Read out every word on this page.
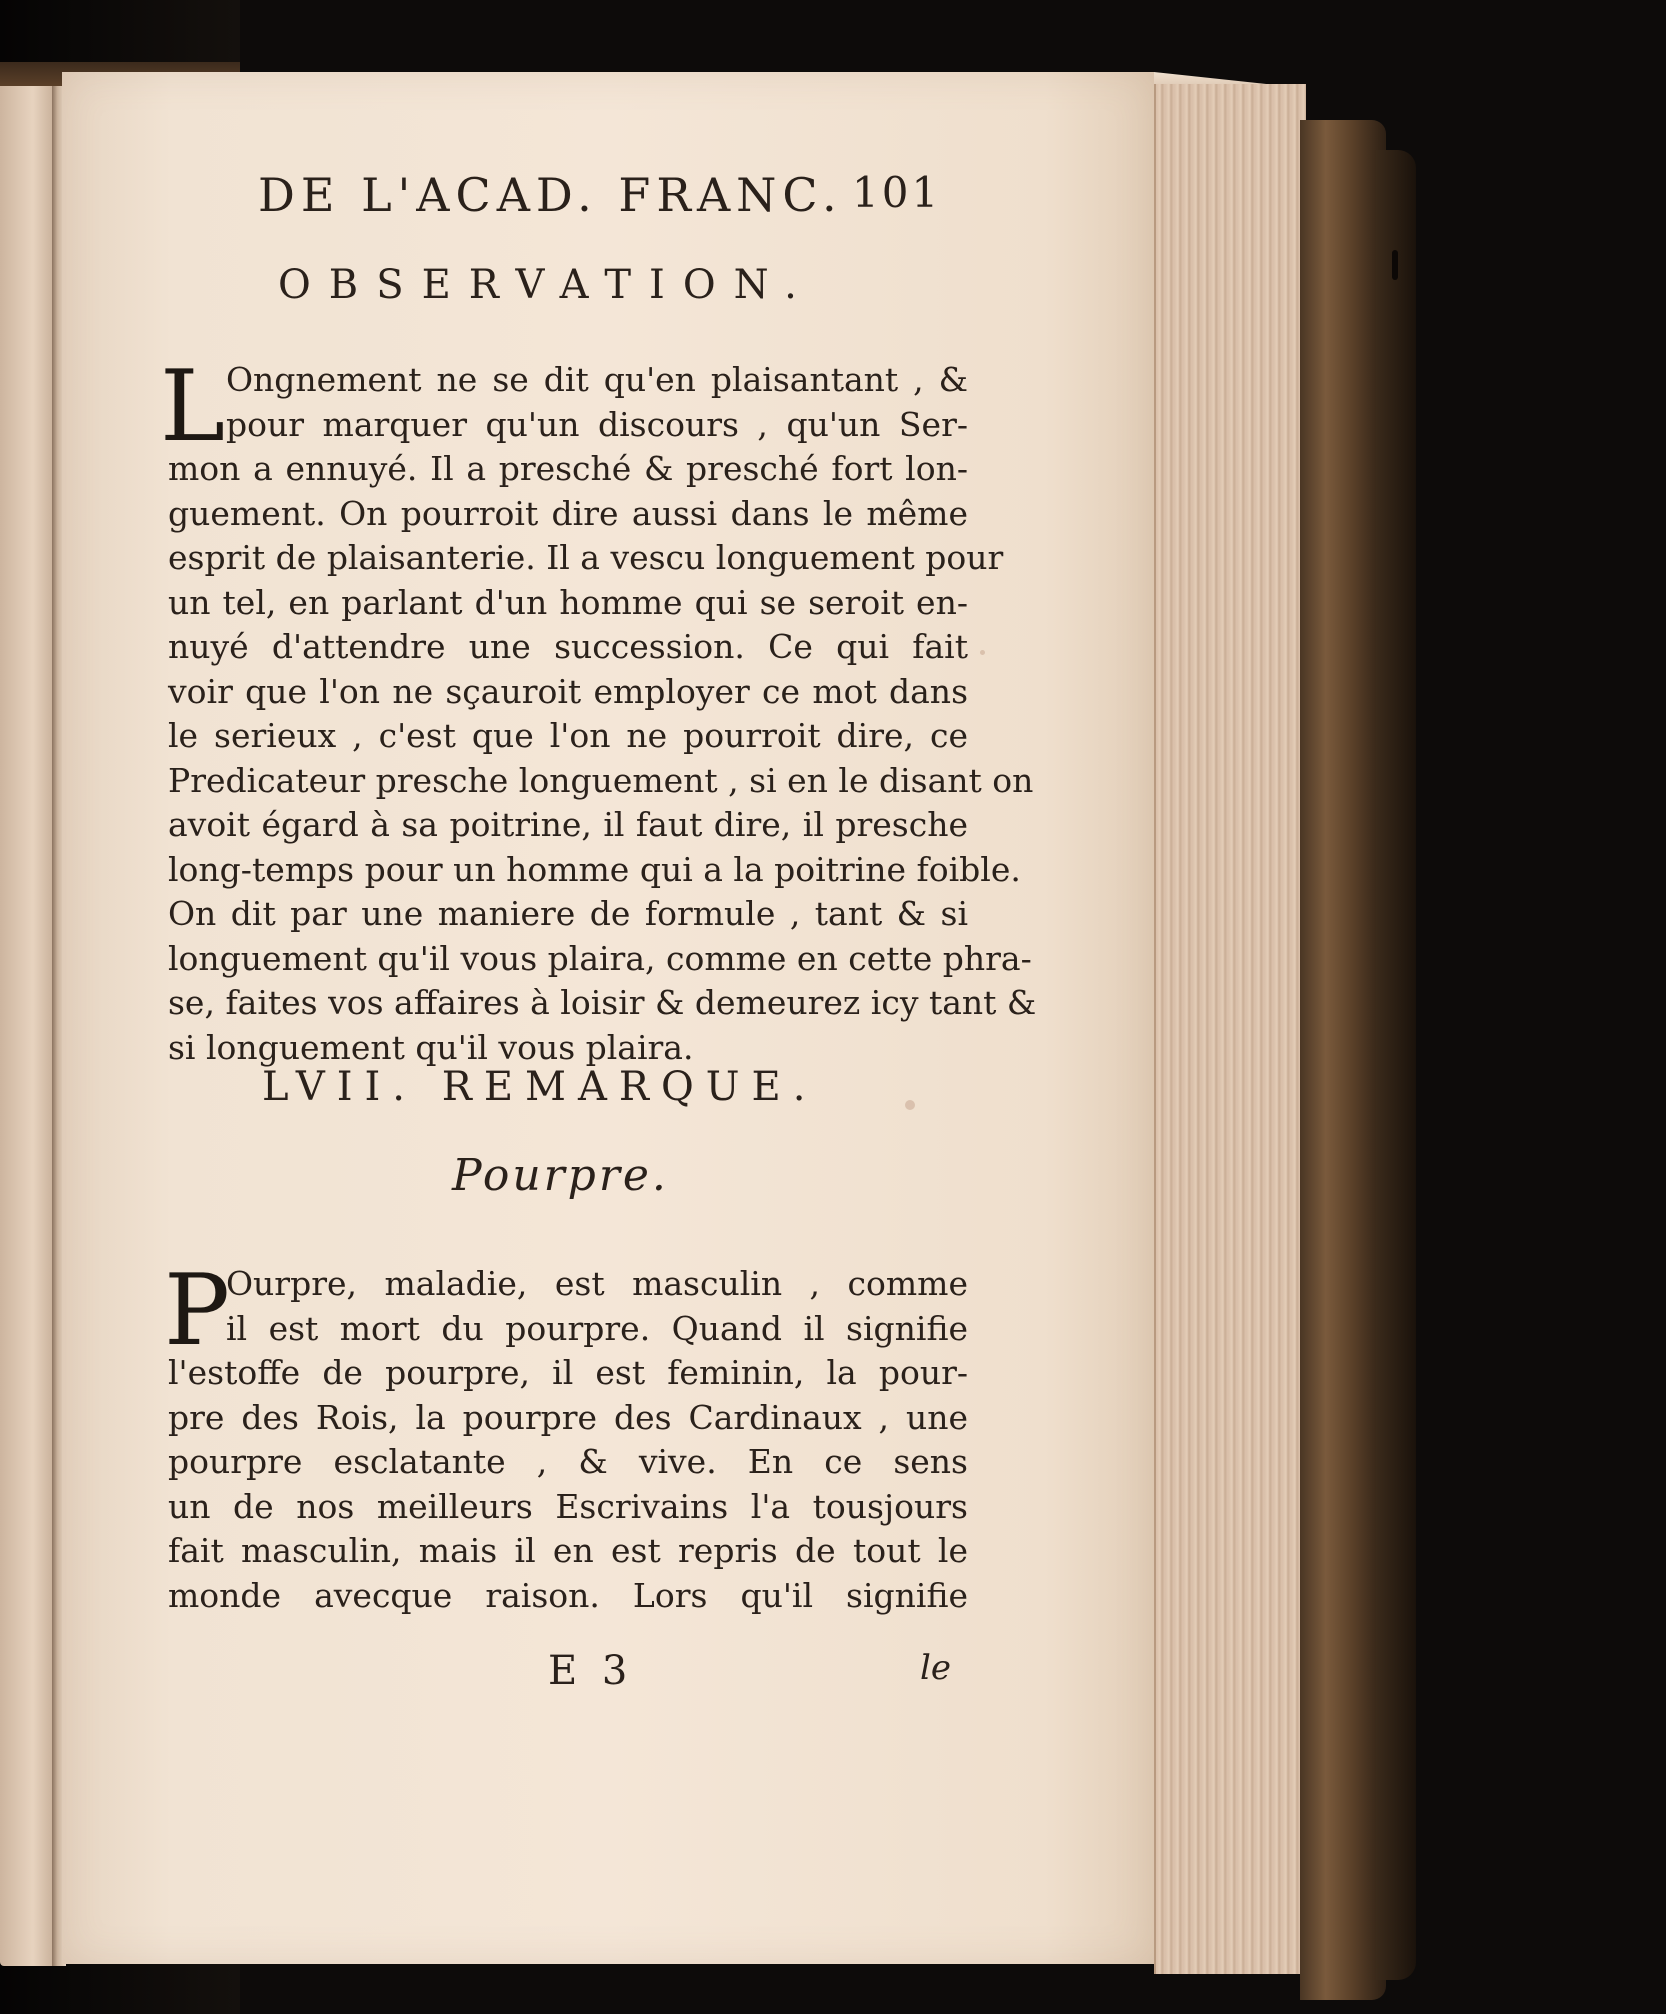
DE L'ACAD. FRANC. 101
OBSERVATION.
L Ongnement ne se dit qu'en plaisantant , &
pour marquer qu'un discours , qu'un Ser-
mon a ennuyé. Il a presché & presché fort lon-
guement. On pourroit dire aussi dans le même
esprit de plaisanterie. Il a vescu longuement pour
un tel, en parlant d'un homme qui se seroit en-
nuyé d'attendre une succession. Ce qui fait
voir que l'on ne sçauroit employer ce mot dans
le serieux , c'est que l'on ne pourroit dire, ce
Predicateur presche longuement , si en le disant on
avoit égard à sa poitrine, il faut dire, il presche
long-temps pour un homme qui a la poitrine foible.
On dit par une maniere de formule , tant & si
longuement qu'il vous plaira, comme en cette phra-
se, faites vos affaires à loisir & demeurez icy tant &
si longuement qu'il vous plaira.
LVII. REMARQUE.
Pourpre.
P
Ourpre, maladie, est masculin , comme
il est mort du pourpre. Quand il signifie
l'estoffe de pourpre, il est feminin, la pour-
pre des Rois, la pourpre des Cardinaux , une
pourpre esclatante , & vive. En ce sens
un de nos meilleurs Escrivains l'a tousjours
fait masculin, mais il en est repris de tout le
monde avecque raison. Lors qu'il signifie
E 3	le
